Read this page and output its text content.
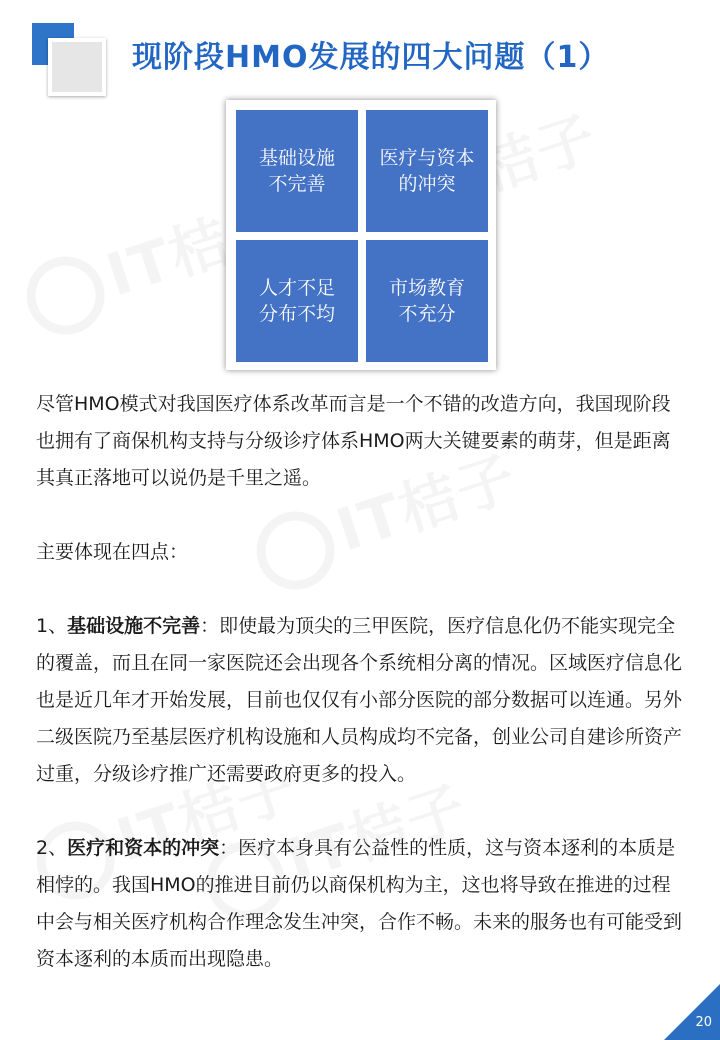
现阶段HMO发展的四大问题（1）
基础设施
不完善
医疗与资本
的冲突
人才不足
分布不均
市场教育
不充分

尽管HMO模式对我国医疗体系改革而言是一个不错的改造方向，我国现阶段也拥有了商保机构支持与分级诊疗体系HMO两大关键要素的萌芽，但是距离其真正落地可以说仍是千里之遥。

主要体现在四点：

1、基础设施不完善：即使最为顶尖的三甲医院，医疗信息化仍不能实现完全的覆盖，而且在同一家医院还会出现各个系统相分离的情况。区域医疗信息化也是近几年才开始发展，目前也仅仅有小部分医院的部分数据可以连通。另外二级医院乃至基层医疗机构设施和人员构成均不完备，创业公司自建诊所资产过重，分级诊疗推广还需要政府更多的投入。

2、医疗和资本的冲突：医疗本身具有公益性的性质，这与资本逐利的本质是相悖的。我国HMO的推进目前仍以商保机构为主，这也将导致在推进的过程中会与相关医疗机构合作理念发生冲突，合作不畅。未来的服务也有可能受到资本逐利的本质而出现隐患。

20
